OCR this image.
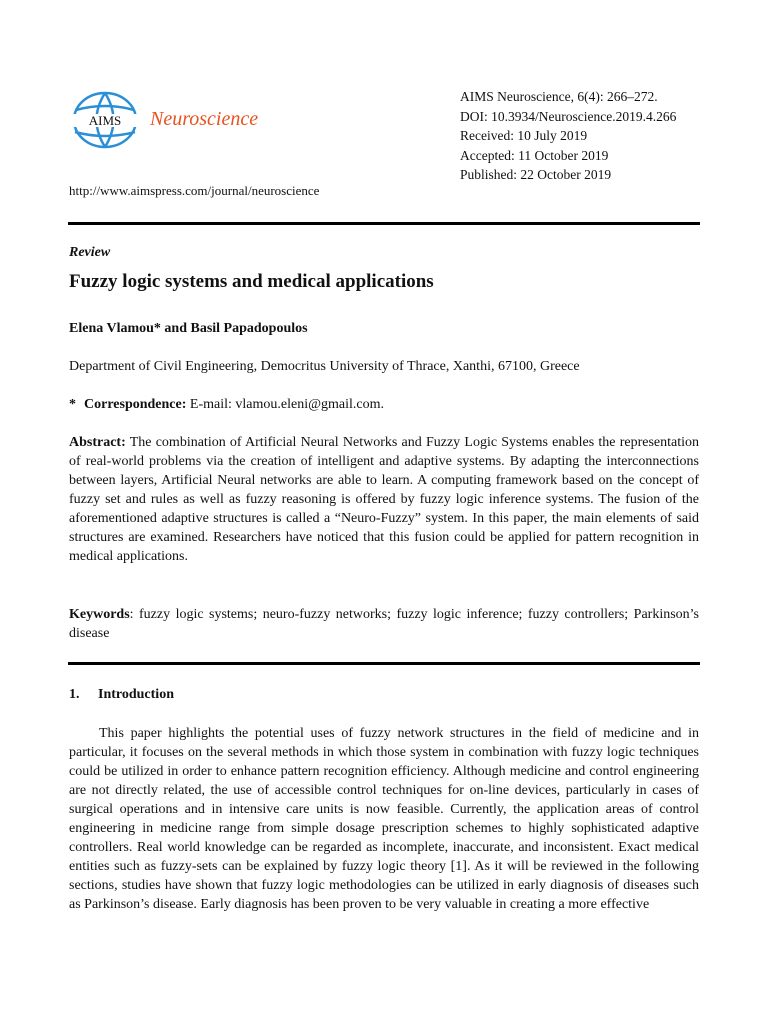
AIMS Neuroscience
http://www.aimspress.com/journal/neuroscience
AIMS Neuroscience, 6(4): 266–272.
DOI: 10.3934/Neuroscience.2019.4.266
Received: 10 July 2019
Accepted: 11 October 2019
Published: 22 October 2019
Review
Fuzzy logic systems and medical applications
Elena Vlamou* and Basil Papadopoulos
Department of Civil Engineering, Democritus University of Thrace, Xanthi, 67100, Greece
* Correspondence: E-mail: vlamou.eleni@gmail.com.

Abstract: The combination of Artificial Neural Networks and Fuzzy Logic Systems enables the representation of real-world problems via the creation of intelligent and adaptive systems. By adapting the interconnections between layers, Artificial Neural networks are able to learn. A computing framework based on the concept of fuzzy set and rules as well as fuzzy reasoning is offered by fuzzy logic inference systems. The fusion of the aforementioned adaptive structures is called a “Neuro-Fuzzy” system. In this paper, the main elements of said structures are examined. Researchers have noticed that this fusion could be applied for pattern recognition in medical applications.

Keywords: fuzzy logic systems; neuro-fuzzy networks; fuzzy logic inference; fuzzy controllers; Parkinson’s disease

1. Introduction

This paper highlights the potential uses of fuzzy network structures in the field of medicine and in particular, it focuses on the several methods in which those system in combination with fuzzy logic techniques could be utilized in order to enhance pattern recognition efficiency. Although medicine and control engineering are not directly related, the use of accessible control techniques for on-line devices, particularly in cases of surgical operations and in intensive care units is now feasible. Currently, the application areas of control engineering in medicine range from simple dosage prescription schemes to highly sophisticated adaptive controllers. Real world knowledge can be regarded as incomplete, inaccurate, and inconsistent. Exact medical entities such as fuzzy-sets can be explained by fuzzy logic theory [1]. As it will be reviewed in the following sections, studies have shown that fuzzy logic methodologies can be utilized in early diagnosis of diseases such as Parkinson’s disease. Early diagnosis has been proven to be very valuable in creating a more effective
